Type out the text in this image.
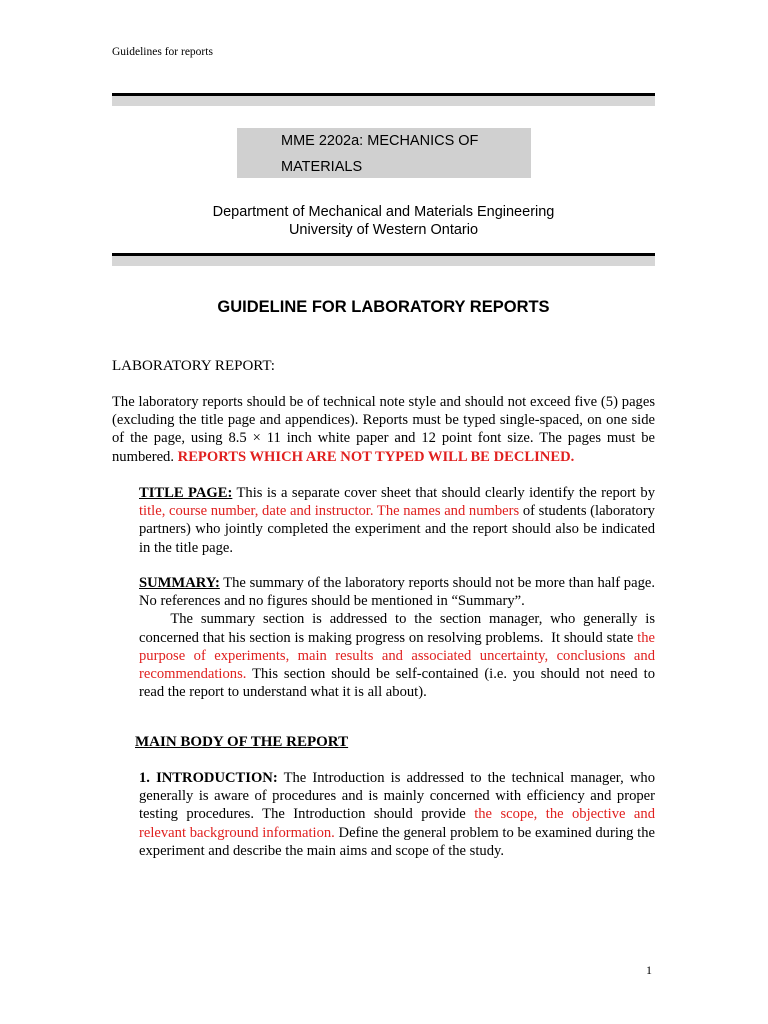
Guidelines for reports
MME 2202a: MECHANICS OF
MATERIALS
Department of Mechanical and Materials Engineering
University of Western Ontario
GUIDELINE FOR LABORATORY REPORTS
LABORATORY REPORT:
The laboratory reports should be of technical note style and should not exceed five (5) pages (excluding the title page and appendices). Reports must be typed single-spaced, on one side of the page, using 8.5 × 11 inch white paper and 12 point font size. The pages must be numbered. REPORTS WHICH ARE NOT TYPED WILL BE DECLINED.
TITLE PAGE: This is a separate cover sheet that should clearly identify the report by title, course number, date and instructor. The names and numbers of students (laboratory partners) who jointly completed the experiment and the report should also be indicated in the title page.
SUMMARY: The summary of the laboratory reports should not be more than half page. No references and no figures should be mentioned in “Summary”.
The summary section is addressed to the section manager, who generally is concerned that his section is making progress on resolving problems.  It should state the purpose of experiments, main results and associated uncertainty, conclusions and recommendations. This section should be self-contained (i.e. you should not need to read the report to understand what it is all about).
MAIN BODY OF THE REPORT
1. INTRODUCTION: The Introduction is addressed to the technical manager, who generally is aware of procedures and is mainly concerned with efficiency and proper testing procedures. The Introduction should provide the scope, the objective and relevant background information. Define the general problem to be examined during the experiment and describe the main aims and scope of the study.
1
